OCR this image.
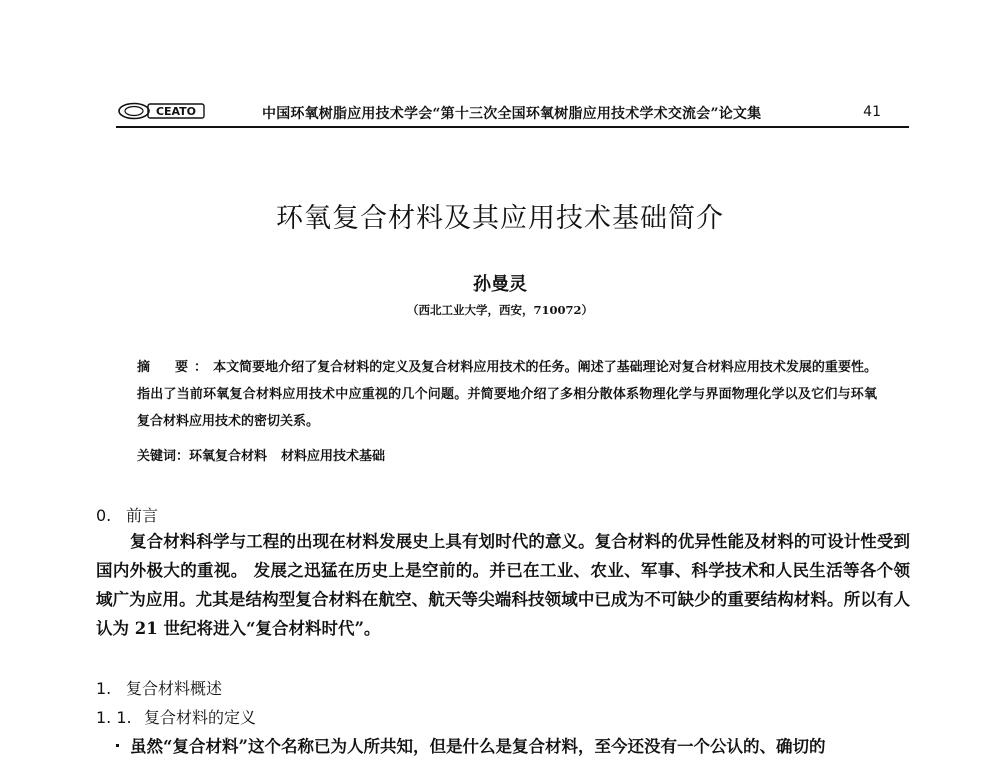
CEATO	中国环氧树脂应用技术学会“第十三次全国环氧树脂应用技术学术交流会”论文集	41
环氧复合材料及其应用技术基础简介
孙曼灵
（西北工业大学，西安，710072）
摘　要：本文简要地介绍了复合材料的定义及复合材料应用技术的任务。阐述了基础理论对复合材料应用技术发展的重要性。指出了当前环氧复合材料应用技术中应重视的几个问题。并简要地介绍了多相分散体系物理化学与界面物理化学以及它们与环氧复合材料应用技术的密切关系。
关键词：环氧复合材料 材料应用技术基础
0. 前言
复合材料科学与工程的出现在材料发展史上具有划时代的意义。复合材料的优异性能及材料的可设计性受到国内外极大的重视。 发展之迅猛在历史上是空前的。并已在工业、农业、军事、科学技术和人民生活等各个领域广为应用。尤其是结构型复合材料在航空、航天等尖端科技领域中已成为不可缺少的重要结构材料。所以有人认为 21 世纪将进入“复合材料时代”。
1. 复合材料概述
1. 1. 复合材料的定义
虽然“复合材料”这个名称已为人所共知，但是什么是复合材料，至今还没有一个公认的、确切的
